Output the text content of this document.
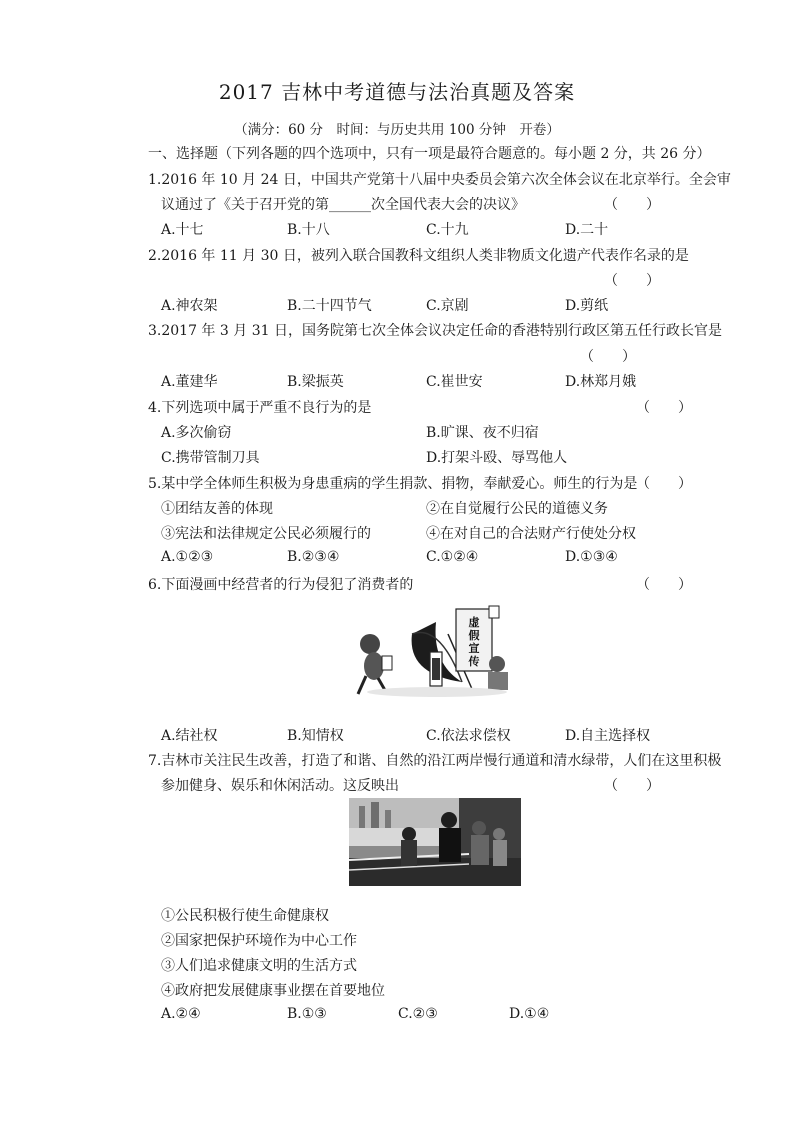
2017 吉林中考道德与法治真题及答案
（满分：60 分　时间：与历史共用 100 分钟　开卷）
一、选择题（下列各题的四个选项中，只有一项是最符合题意的。每小题 2 分，共 26 分）
1.2016 年 10 月 24 日，中国共产党第十八届中央委员会第六次全体会议在北京举行。全会审
议通过了《关于召开党的第______次全国代表大会的决议》	（　　）
A.十七	B.十八	C.十九	D.二十
2.2016 年 11 月 30 日，被列入联合国教科文组织人类非物质文化遗产代表作名录的是
（　　）
A.神农架	B.二十四节气	C.京剧	D.剪纸
3.2017 年 3 月 31 日，国务院第七次全体会议决定任命的香港特别行政区第五任行政长官是
（　　）
A.董建华	B.梁振英	C.崔世安	D.林郑月娥
4.下列选项中属于严重不良行为的是	（　　）
A.多次偷窃	B.旷课、夜不归宿
C.携带管制刀具	D.打架斗殴、辱骂他人
5.某中学全体师生积极为身患重病的学生捐款、捐物，奉献爱心。师生的行为是
（　　）
①团结友善的体现	②在自觉履行公民的道德义务
③宪法和法律规定公民必须履行的	④在对自己的合法财产行使处分权
A.①②③	B.②③④	C.①②④	D.①③④
6.下面漫画中经营者的行为侵犯了消费者的	（　　）
虚
假
宣
传
A.结社权	B.知情权	C.依法求偿权	D.自主选择权
7.吉林市关注民生改善，打造了和谐、自然的沿江两岸慢行通道和清水绿带，人们在这里积极
参加健身、娱乐和休闲活动。这反映出	（　　）
①公民积极行使生命健康权
②国家把保护环境作为中心工作
③人们追求健康文明的生活方式
④政府把发展健康事业摆在首要地位
A.②④	B.①③	C.②③	D.①④
